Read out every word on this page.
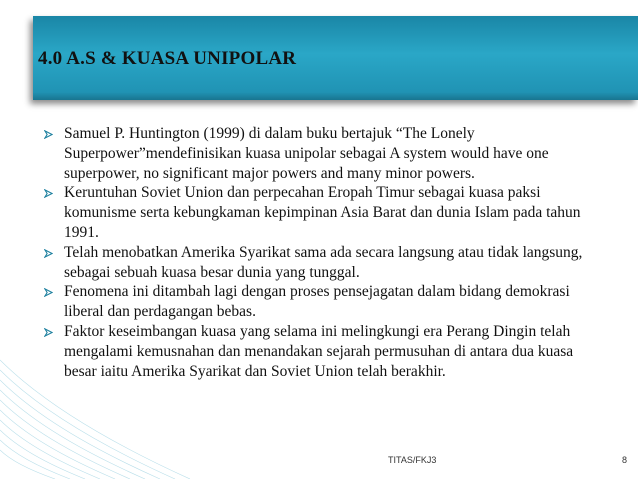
4.0 A.S & KUASA UNIPOLAR

Samuel P. Huntington (1999) di dalam buku bertajuk “The Lonely Superpower”mendefinisikan kuasa unipolar sebagai A system would have one superpower, no significant major powers and many minor powers.

Keruntuhan Soviet Union dan perpecahan Eropah Timur sebagai kuasa paksi komunisme serta kebungkaman kepimpinan Asia Barat dan dunia Islam pada tahun 1991.

Telah menobatkan Amerika Syarikat sama ada secara langsung atau tidak langsung, sebagai sebuah kuasa besar dunia yang tunggal.

Fenomena ini ditambah lagi dengan proses pensejagatan dalam bidang demokrasi liberal dan perdagangan bebas.

Faktor keseimbangan kuasa yang selama ini melingkungi era Perang Dingin telah mengalami kemusnahan dan menandakan sejarah permusuhan di antara dua kuasa besar iaitu Amerika Syarikat dan Soviet Union telah berakhir.

TITAS/FKJ3	8
